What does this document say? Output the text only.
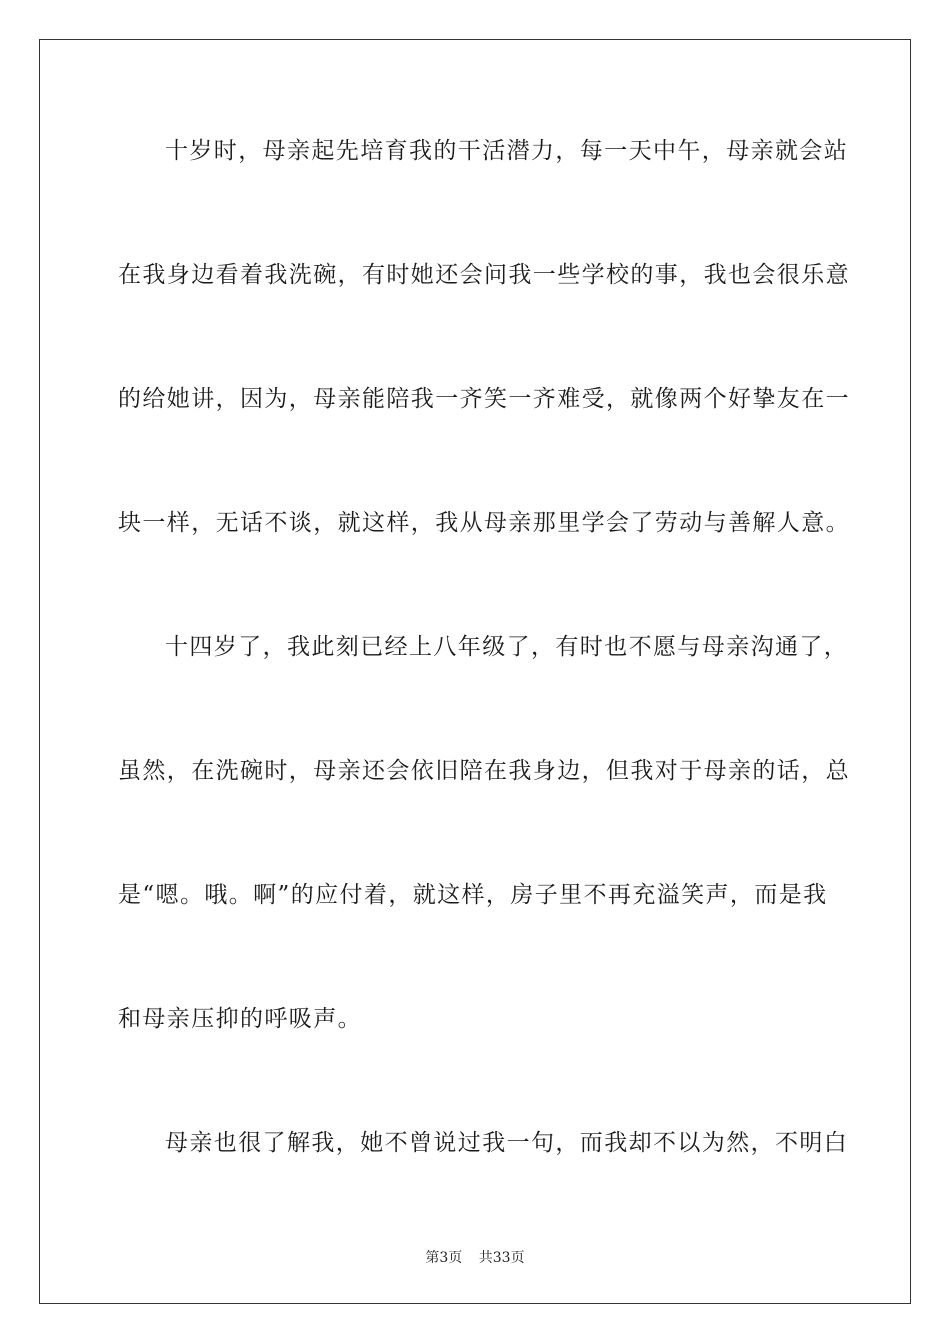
十岁时，母亲起先培育我的干活潜力，每一天中午，母亲就会站
在我身边看着我洗碗，有时她还会问我一些学校的事，我也会很乐意
的给她讲，因为，母亲能陪我一齐笑一齐难受，就像两个好挚友在一
块一样，无话不谈，就这样，我从母亲那里学会了劳动与善解人意。
十四岁了，我此刻已经上八年级了，有时也不愿与母亲沟通了，
虽然，在洗碗时，母亲还会依旧陪在我身边，但我对于母亲的话，总
是“嗯。哦。啊”的应付着，就这样，房子里不再充溢笑声，而是我
和母亲压抑的呼吸声。
母亲也很了解我，她不曾说过我一句，而我却不以为然，不明白
第3页 共33页
